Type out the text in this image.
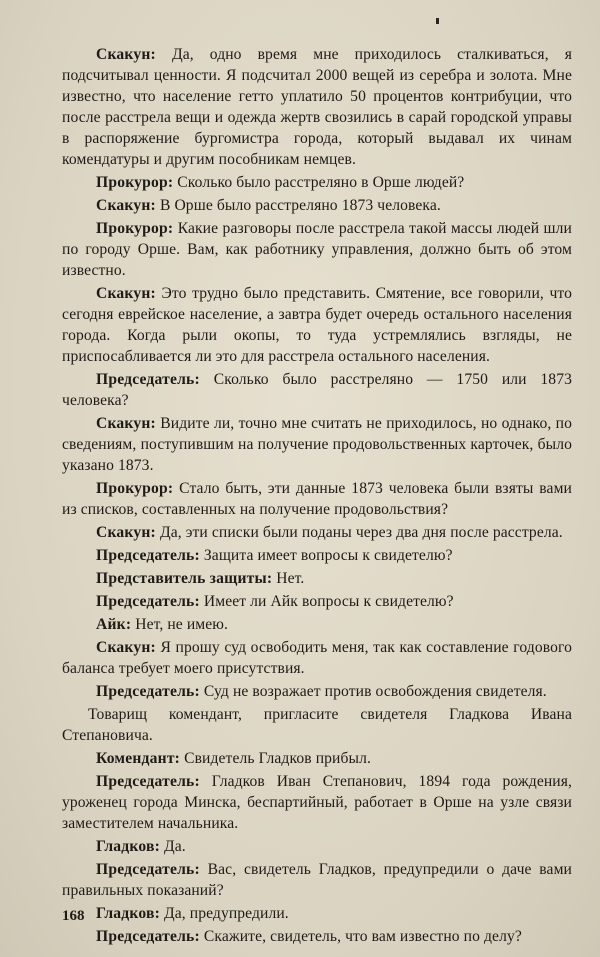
Скакун: Да, одно время мне приходилось сталкиваться, я подсчитывал ценности. Я подсчитал 2000 вещей из серебра и золота. Мне известно, что население гетто уплатило 50 процентов контрибуции, что после расстрела вещи и одежда жертв свозились в сарай городской управы в распоряжение бургомистра города, который выдавал их чинам комендатуры и другим пособникам немцев.

Прокурор: Сколько было расстреляно в Орше людей?

Скакун: В Орше было расстреляно 1873 человека.

Прокурор: Какие разговоры после расстрела такой массы людей шли по городу Орше. Вам, как работнику управления, должно быть об этом известно.

Скакун: Это трудно было представить. Смятение, все говорили, что сегодня еврейское население, а завтра будет очередь остального населения города. Когда рыли окопы, то туда устремлялись взгляды, не приспосабливается ли это для расстрела остального населения.

Председатель: Сколько было расстреляно — 1750 или 1873 человека?

Скакун: Видите ли, точно мне считать не приходилось, но однако, по сведениям, поступившим на получение продовольственных карточек, было указано 1873.

Прокурор: Стало быть, эти данные 1873 человека были взяты вами из списков, составленных на получение продовольствия?

Скакун: Да, эти списки были поданы через два дня после расстрела.

Председатель: Защита имеет вопросы к свидетелю?

Представитель защиты: Нет.

Председатель: Имеет ли Айк вопросы к свидетелю?

Айк: Нет, не имею.

Скакун: Я прошу суд освободить меня, так как составление годового баланса требует моего присутствия.

Председатель: Суд не возражает против освобождения свидетеля.

Товарищ комендант, пригласите свидетеля Гладкова Ивана Степановича.

Комендант: Свидетель Гладков прибыл.

Председатель: Гладков Иван Степанович, 1894 года рождения, уроженец города Минска, беспартийный, работает в Орше на узле связи заместителем начальника.

Гладков: Да.

Председатель: Вас, свидетель Гладков, предупредили о даче вами правильных показаний?

Гладков: Да, предупредили.

Председатель: Скажите, свидетель, что вам известно по делу?

168
